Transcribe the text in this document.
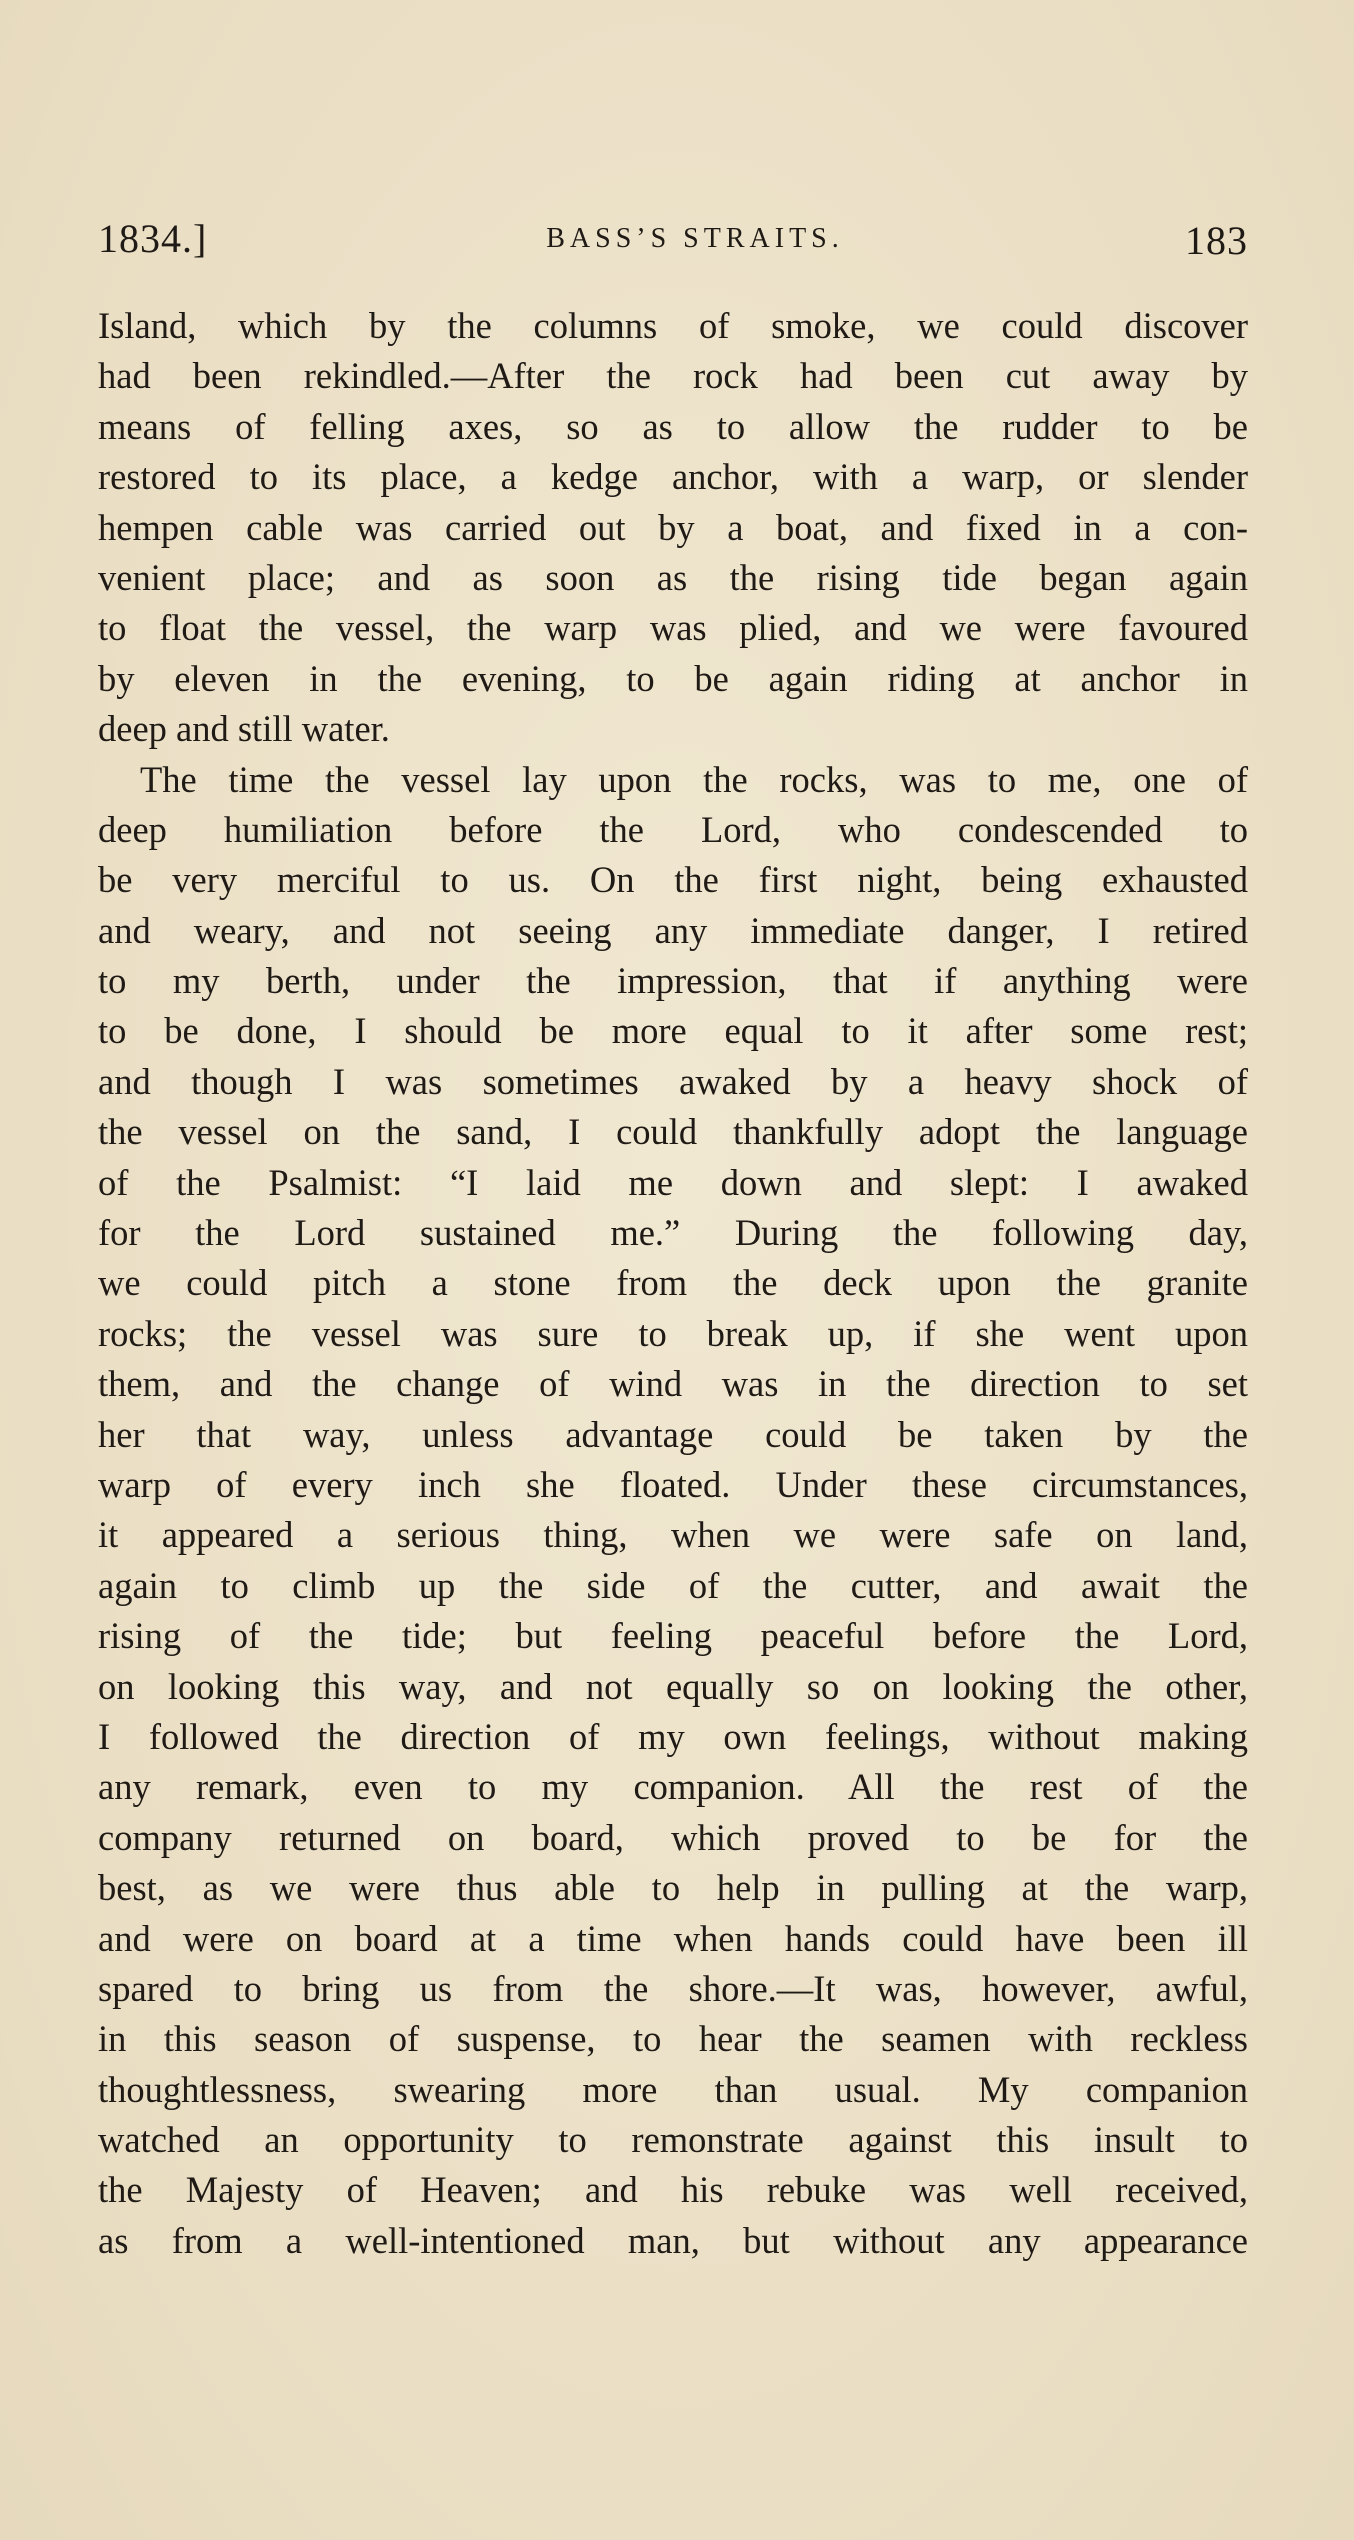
1834.]	BASS’S STRAITS.	183
Island, which by the columns of smoke, we could discover
had been rekindled.—After the rock had been cut away by
means of felling axes, so as to allow the rudder to be
restored to its place, a kedge anchor, with a warp, or slender
hempen cable was carried out by a boat, and fixed in a con-
venient place; and as soon as the rising tide began again
to float the vessel, the warp was plied, and we were favoured
by eleven in the evening, to be again riding at anchor in
deep and still water.
The time the vessel lay upon the rocks, was to me, one of
deep humiliation before the Lord, who condescended to
be very merciful to us. On the first night, being exhausted
and weary, and not seeing any immediate danger, I retired
to my berth, under the impression, that if anything were
to be done, I should be more equal to it after some rest;
and though I was sometimes awaked by a heavy shock of
the vessel on the sand, I could thankfully adopt the language
of the Psalmist: “I laid me down and slept: I awaked
for the Lord sustained me.” During the following day,
we could pitch a stone from the deck upon the granite
rocks; the vessel was sure to break up, if she went upon
them, and the change of wind was in the direction to set
her that way, unless advantage could be taken by the
warp of every inch she floated. Under these circumstances,
it appeared a serious thing, when we were safe on land,
again to climb up the side of the cutter, and await the
rising of the tide; but feeling peaceful before the Lord,
on looking this way, and not equally so on looking the other,
I followed the direction of my own feelings, without making
any remark, even to my companion. All the rest of the
company returned on board, which proved to be for the
best, as we were thus able to help in pulling at the warp,
and were on board at a time when hands could have been ill
spared to bring us from the shore.—It was, however, awful,
in this season of suspense, to hear the seamen with reckless
thoughtlessness, swearing more than usual. My companion
watched an opportunity to remonstrate against this insult to
the Majesty of Heaven; and his rebuke was well received,
as from a well-intentioned man, but without any appearance
